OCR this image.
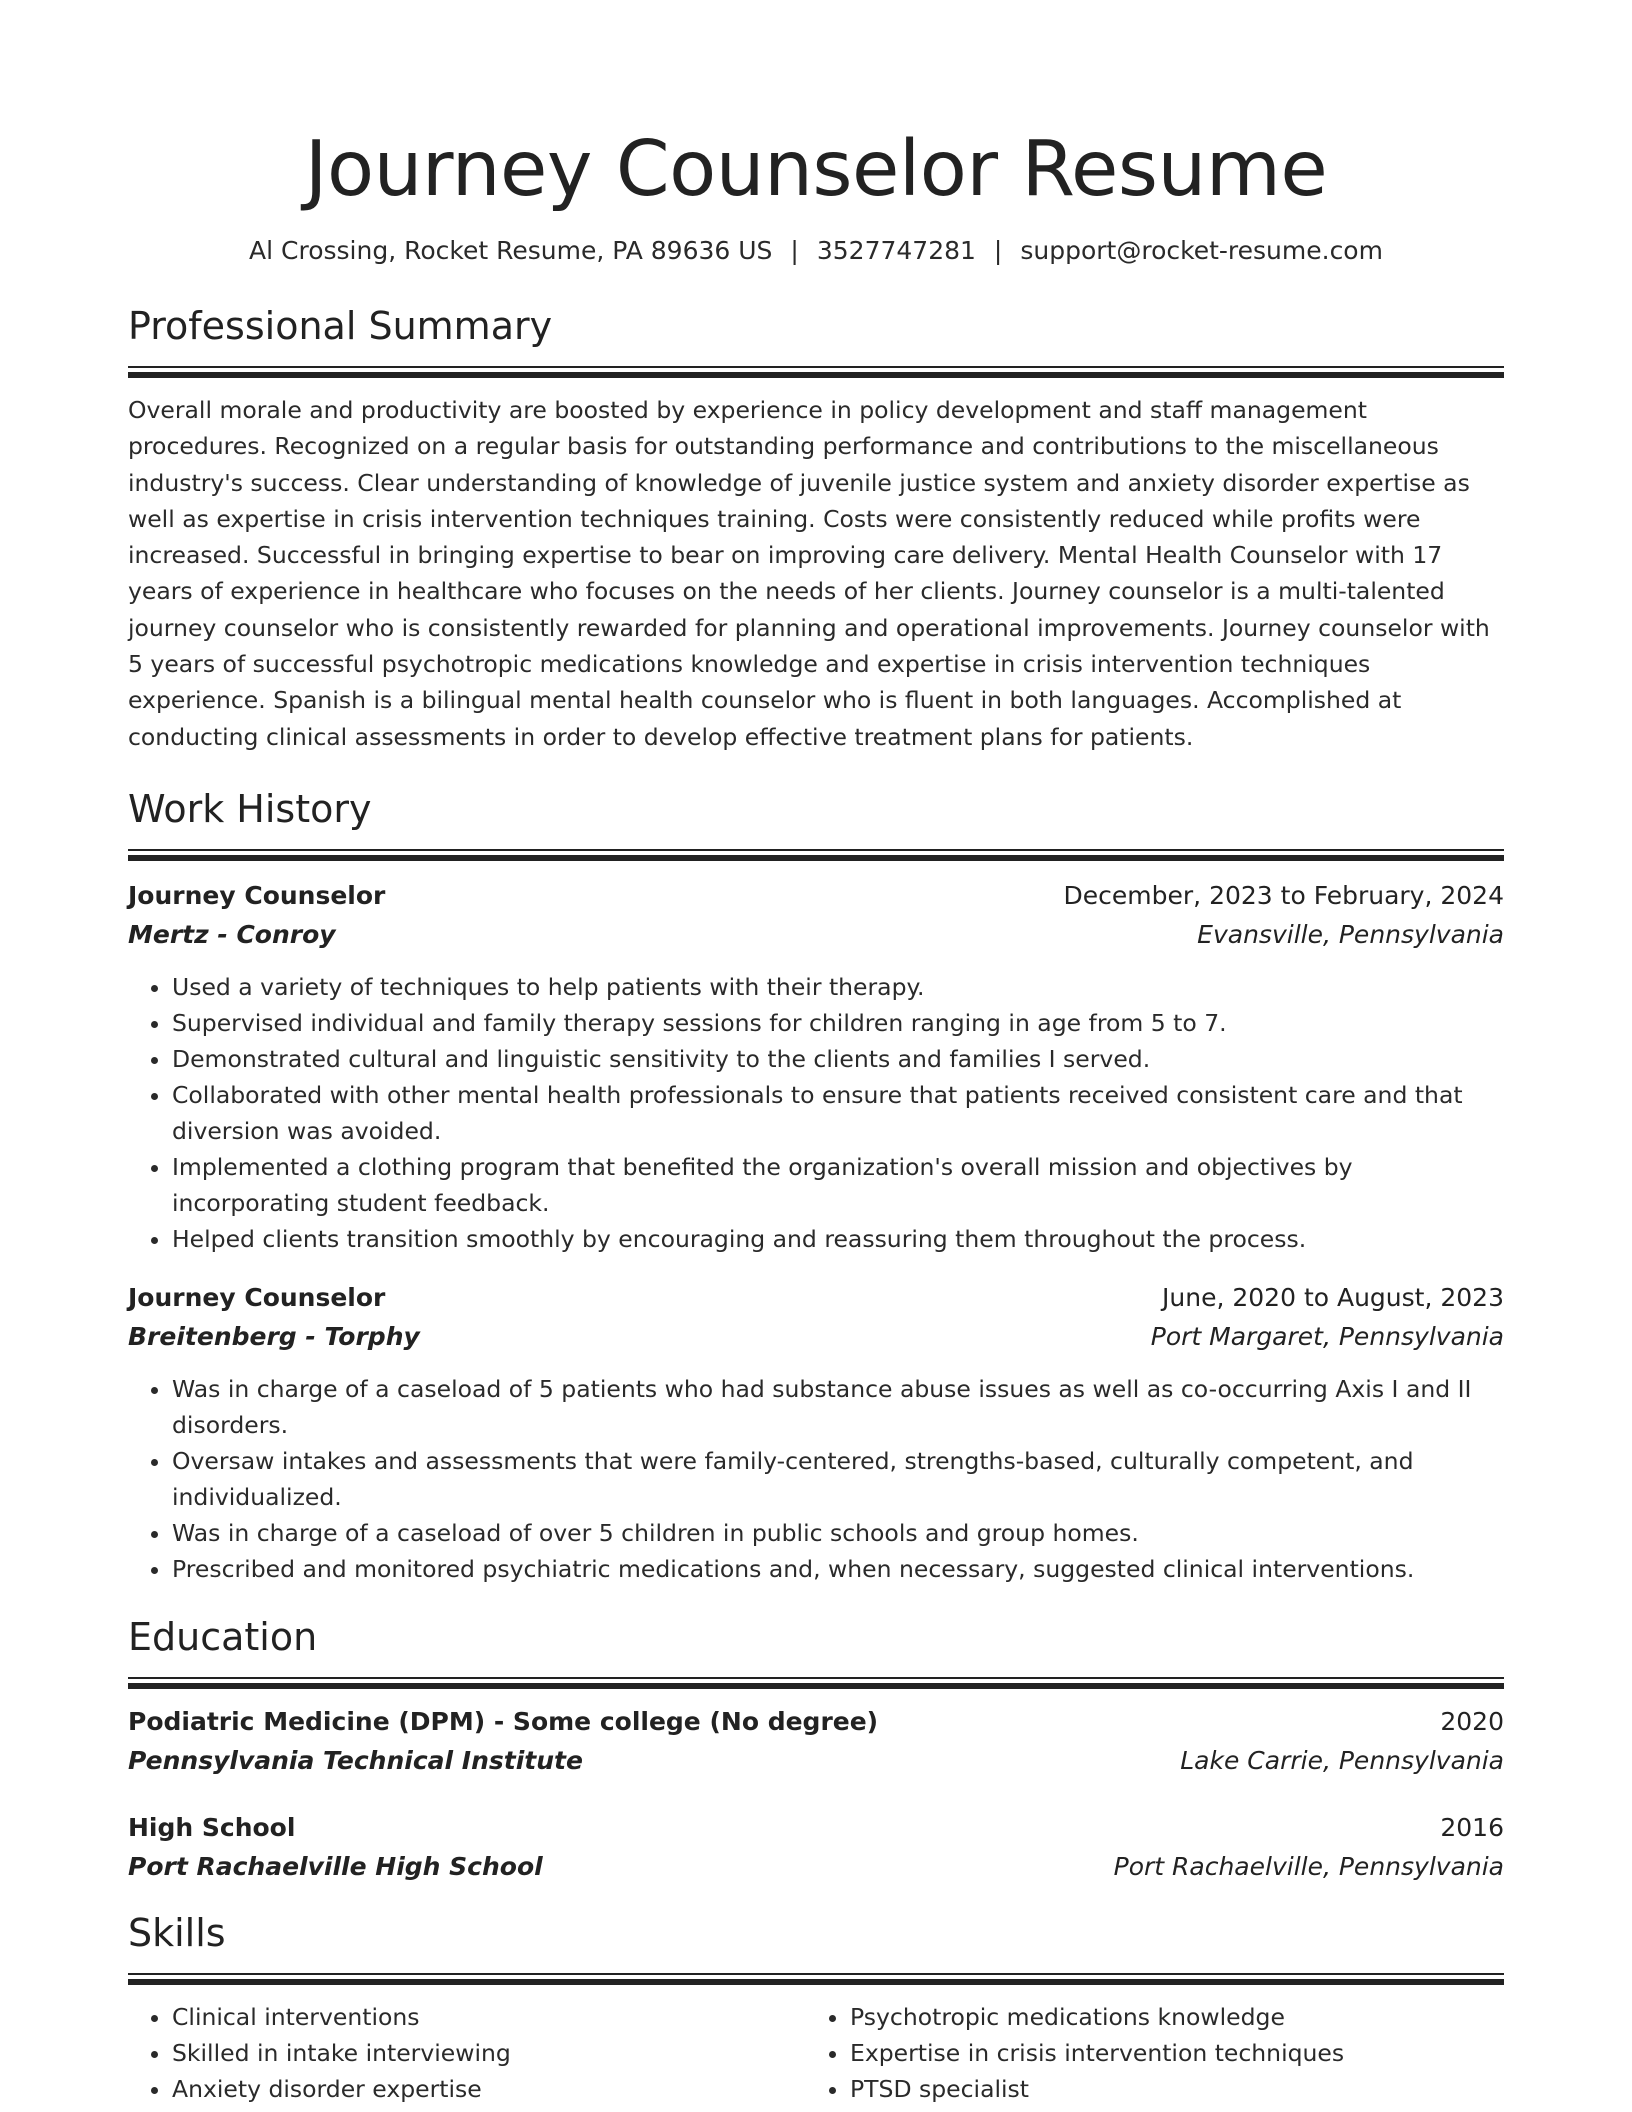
Journey Counselor Resume
Al Crossing, Rocket Resume, PA 89636 US | 3527747281 | support@rocket-resume.com
Professional Summary

Overall morale and productivity are boosted by experience in policy development and staff management procedures. Recognized on a regular basis for outstanding performance and contributions to the miscellaneous industry's success. Clear understanding of knowledge of juvenile justice system and anxiety disorder expertise as well as expertise in crisis intervention techniques training. Costs were consistently reduced while profits were increased. Successful in bringing expertise to bear on improving care delivery. Mental Health Counselor with 17 years of experience in healthcare who focuses on the needs of her clients. Journey counselor is a multi-talented journey counselor who is consistently rewarded for planning and operational improvements. Journey counselor with 5 years of successful psychotropic medications knowledge and expertise in crisis intervention techniques experience. Spanish is a bilingual mental health counselor who is fluent in both languages. Accomplished at conducting clinical assessments in order to develop effective treatment plans for patients.

Work History
Journey Counselor	December, 2023 to February, 2024
Mertz - Conroy	Evansville, Pennsylvania
• Used a variety of techniques to help patients with their therapy.
• Supervised individual and family therapy sessions for children ranging in age from 5 to 7.
• Demonstrated cultural and linguistic sensitivity to the clients and families I served.
• Collaborated with other mental health professionals to ensure that patients received consistent care and that diversion was avoided.
• Implemented a clothing program that benefited the organization's overall mission and objectives by incorporating student feedback.
• Helped clients transition smoothly by encouraging and reassuring them throughout the process.
Journey Counselor	June, 2020 to August, 2023
Breitenberg - Torphy	Port Margaret, Pennsylvania
• Was in charge of a caseload of 5 patients who had substance abuse issues as well as co-occurring Axis I and II disorders.
• Oversaw intakes and assessments that were family-centered, strengths-based, culturally competent, and individualized.
• Was in charge of a caseload of over 5 children in public schools and group homes.
• Prescribed and monitored psychiatric medications and, when necessary, suggested clinical interventions.
Education
Podiatric Medicine (DPM) - Some college (No degree)	2020
Pennsylvania Technical Institute	Lake Carrie, Pennsylvania
High School	2016
Port Rachaelville High School	Port Rachaelville, Pennsylvania
Skills
• Clinical interventions
• Skilled in intake interviewing
• Anxiety disorder expertise
• Psychotropic medications knowledge
• Expertise in crisis intervention techniques
• PTSD specialist
